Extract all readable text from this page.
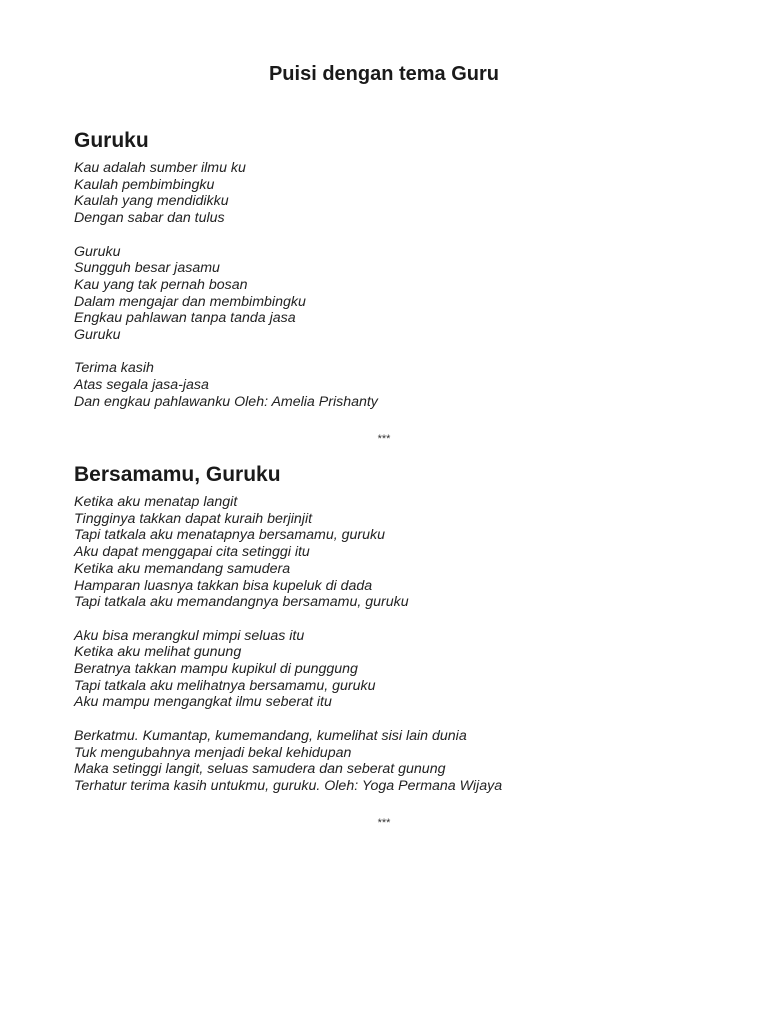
Puisi dengan tema Guru
Guruku
Kau adalah sumber ilmu ku
Kaulah pembimbingku
Kaulah yang mendidikku
Dengan sabar dan tulus
Guruku
Sungguh besar jasamu
Kau yang tak pernah bosan
Dalam mengajar dan membimbingku
Engkau pahlawan tanpa tanda jasa
Guruku
Terima kasih
Atas segala jasa-jasa
Dan engkau pahlawanku Oleh: Amelia Prishanty
***
Bersamamu, Guruku
Ketika aku menatap langit
Tingginya takkan dapat kuraih berjinjit
Tapi tatkala aku menatapnya bersamamu, guruku
Aku dapat menggapai cita setinggi itu
Ketika aku memandang samudera
Hamparan luasnya takkan bisa kupeluk di dada
Tapi tatkala aku memandangnya bersamamu, guruku
Aku bisa merangkul mimpi seluas itu
Ketika aku melihat gunung
Beratnya takkan mampu kupikul di punggung
Tapi tatkala aku melihatnya bersamamu, guruku
Aku mampu mengangkat ilmu seberat itu
Berkatmu. Kumantap, kumemandang, kumelihat sisi lain dunia
Tuk mengubahnya menjadi bekal kehidupan
Maka setinggi langit, seluas samudera dan seberat gunung
Terhatur terima kasih untukmu, guruku. Oleh: Yoga Permana Wijaya
***
